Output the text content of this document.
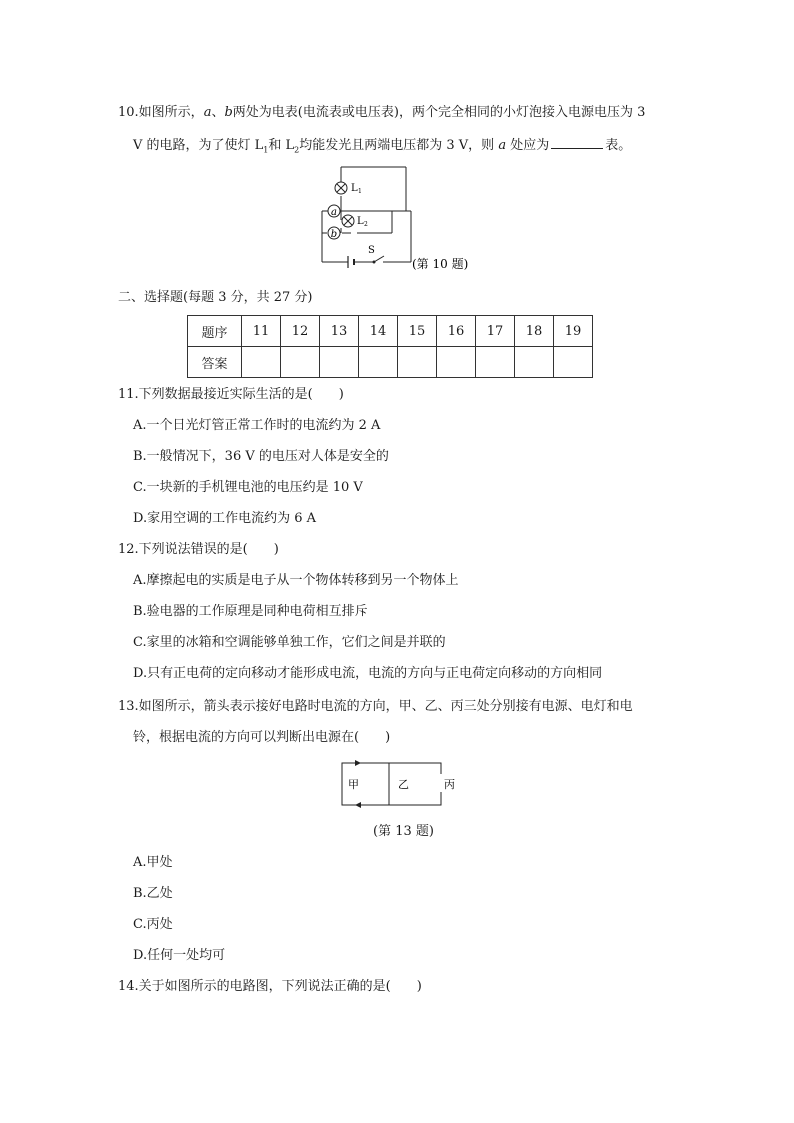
10.如图所示，a、b两处为电表(电流表或电压表)，两个完全相同的小灯泡接入电源电压为 3
V 的电路，为了使灯 $L_1$和 $L_2$均能发光且两端电压都为 3 V，则 a 处应为	表。
a
b
L 1
L 2
S
(第 10 题)
二、选择题(每题 3 分，共 27 分)
题序	11	12	13	14	15	16	17	18	19
答案									
11.下列数据最接近实际生活的是(　　)
A.一个日光灯管正常工作时的电流约为 2 A
B.一般情况下，36 V 的电压对人体是安全的
C.一块新的手机锂电池的电压约是 10 V
D.家用空调的工作电流约为 6 A
12.下列说法错误的是(　　)
A.摩擦起电的实质是电子从一个物体转移到另一个物体上
B.验电器的工作原理是同种电荷相互排斥
C.家里的冰箱和空调能够单独工作，它们之间是并联的
D.只有正电荷的定向移动才能形成电流，电流的方向与正电荷定向移动的方向相同
13.如图所示，箭头表示接好电路时电流的方向，甲、乙、丙三处分别接有电源、电灯和电
铃，根据电流的方向可以判断出电源在(　　)
甲	乙	丙
(第 13 题)
A.甲处
B.乙处
C.丙处
D.任何一处均可
14.关于如图所示的电路图，下列说法正确的是(　　)
